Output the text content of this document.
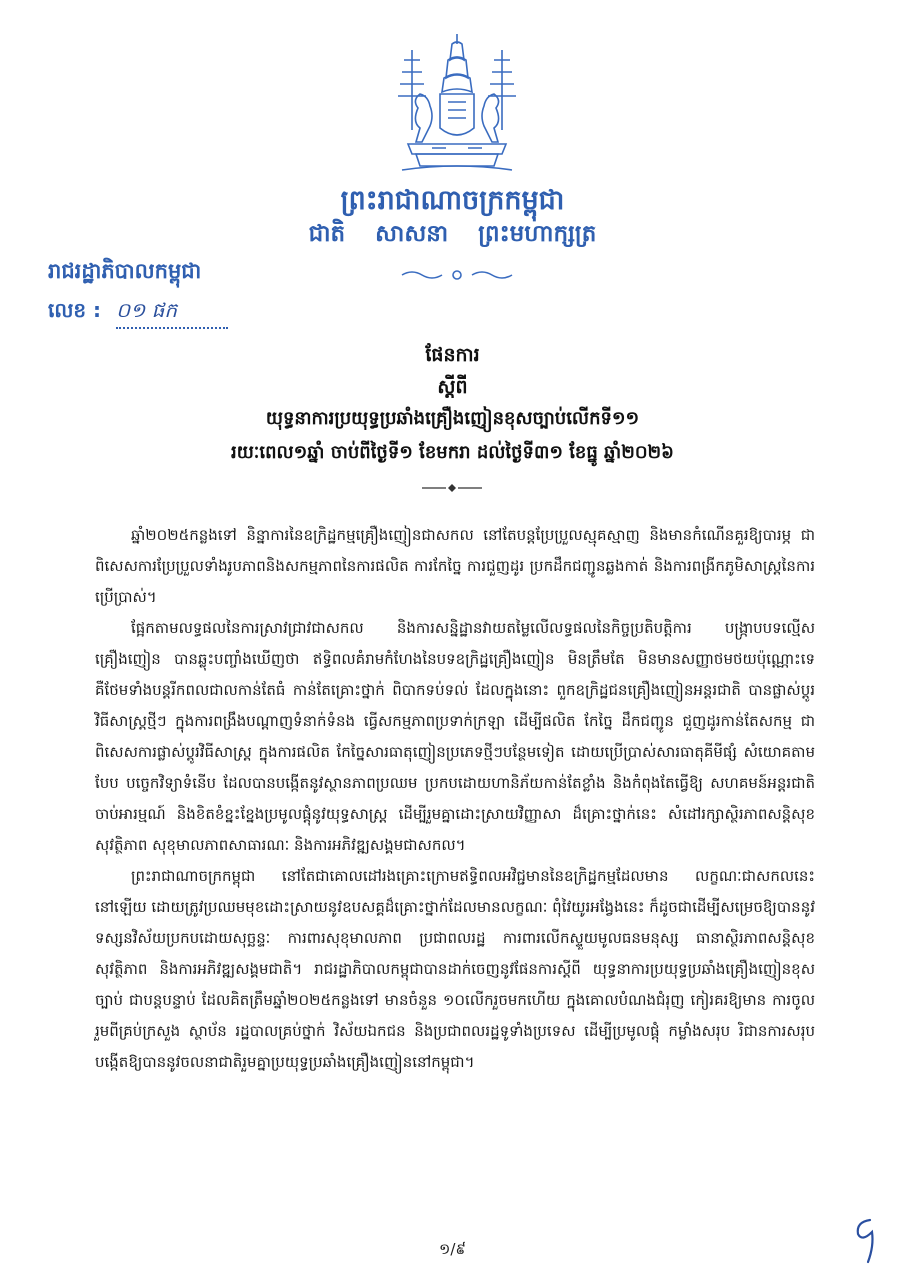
ព្រះរាជាណាចក្រកម្ពុជា
ជាតិ សាសនា ព្រះមហាក្សត្រ
រាជរដ្ឋាភិបាលកម្ពុជា
លេខ : ០១ ផក
ផែនការ
ស្ដីពី
យុទ្ធនាការប្រយុទ្ធប្រឆាំងគ្រឿងញៀនខុសច្បាប់លើកទី១១
រយៈពេល១ឆ្នាំ ចាប់ពីថ្ងៃទី១ ខែមករា ដល់ថ្ងៃទី៣១ ខែធ្នូ ឆ្នាំ២០២៦

ឆ្នាំ២០២៥កន្លងទៅ និន្នាការនៃឧក្រិដ្ឋកម្មគ្រឿងញៀនជាសកល នៅតែបន្តប្រែប្រួលស្មុគស្មាញ និងមានកំណើនគួរឱ្យបារម្ភ ជាពិសេសការប្រែប្រួលទាំងរូបភាពនិងសកម្មភាពនៃការផលិត ការកែច្នៃ ការជួញដូរ ប្រកដឹកជញ្ជូនឆ្លងកាត់ និងការពង្រីកភូមិសាស្ត្រនៃការប្រើប្រាស់។

ផ្អែកតាមលទ្ធផលនៃការស្រាវជ្រាវជាសកល និងការសន្និដ្ឋានវាយតម្លៃលើលទ្ធផលនៃកិច្ចប្រតិបត្តិការ បង្ក្រាបបទល្មើសគ្រឿងញៀន បានឆ្លុះបញ្ចាំងឃើញថា ឥទ្ធិពលគំរាមកំហែងនៃបទឧក្រិដ្ឋគ្រឿងញៀន មិនត្រឹមតែ មិនមានសញ្ញាថមថយប៉ុណ្ណោះទេ គឺថែមទាំងបន្តរីកពលជាលកាន់តែធំ កាន់តែគ្រោះថ្នាក់ ពិបាកទប់ទល់ ដែលក្នុងនោះ ពួកឧក្រិដ្ឋជនគ្រឿងញៀនអន្តរជាតិ បានផ្លាស់ប្ដូរវិធីសាស្ត្រថ្មីៗ ក្នុងការពង្រឹងបណ្ដាញទំនាក់ទំនង ធ្វើសកម្មភាពប្រទាក់ក្រឡា ដើម្បីផលិត កែច្នៃ ដឹកជញ្ជូន ជួញដូរកាន់តែសកម្ម ជាពិសេសការផ្លាស់ប្ដូរវិធីសាស្ត្រ ក្នុងការផលិត កែច្នៃសារធាតុញៀនប្រភេទថ្មីៗបន្ថែមទៀត ដោយប្រើប្រាស់សារធាតុគីមីផ្សំ សំយោគតាមបែប បច្ចេកវិទ្យាទំនើប ដែលបានបង្កើតនូវស្ថានភាពប្រឈម ប្រកបដោយហានិភ័យកាន់តែខ្លាំង និងកំពុងតែធ្វើឱ្យ សហគមន៍អន្តរជាតិចាប់អារម្មណ៍ និងខិតខំខ្នះខ្នែងប្រមូលផ្ដុំនូវយុទ្ធសាស្ត្រ ដើម្បីរួមគ្នាដោះស្រាយវិញ្ញាសា ដ៏គ្រោះថ្នាក់នេះ សំដៅរក្សាស្ថិរភាពសន្តិសុខ សុវត្ថិភាព សុខុមាលភាពសាធារណៈ និងការអភិវឌ្ឍសង្គមជាសកល។

ព្រះរាជាណាចក្រកម្ពុជា នៅតែជាគោលដៅរងគ្រោះក្រោមឥទ្ធិពលអវិជ្ជមាននៃឧក្រិដ្ឋកម្មដែលមាន លក្ខណៈជាសកលនេះនៅឡើយ ដោយត្រូវប្រឈមមុខដោះស្រាយនូវឧបសគ្គដ៏គ្រោះថ្នាក់ដែលមានលក្ខណៈ ពុំវៃយូរអង្វែងនេះ ក៏ដូចជាដើម្បីសម្រេចឱ្យបាននូវទស្សនវិស័យប្រកបដោយសុច្ឆន្ទៈ ការពារសុខុមាលភាព ប្រជាពលរដ្ឋ ការពារលើកស្ទួយមូលធនមនុស្ស ធានាស្ថិរភាពសន្តិសុខ សុវត្ថិភាព និងការអភិវឌ្ឍសង្គមជាតិ។ រាជរដ្ឋាភិបាលកម្ពុជាបានដាក់ចេញនូវផែនការស្ដីពី យុទ្ធនាការប្រយុទ្ធប្រឆាំងគ្រឿងញៀនខុសច្បាប់ ជាបន្តបន្ទាប់ ដែលគិតត្រឹមឆ្នាំ២០២៥កន្លងទៅ មានចំនួន ១០លើករួចមកហើយ ក្នុងគោលបំណងជំរុញ កៀរគរឱ្យមាន ការចូលរួមពីគ្រប់ក្រសួង ស្ថាប័ន រដ្ឋបាលគ្រប់ថ្នាក់ វិស័យឯកជន និងប្រជាពលរដ្ឋទូទាំងប្រទេស ដើម្បីប្រមូលផ្ដុំ កម្លាំងសរុប រិជានការសរុប បង្កើតឱ្យបាននូវចលនាជាតិរួមគ្នាប្រយុទ្ធប្រឆាំងគ្រឿងញៀននៅកម្ពុជា។

១/៩
